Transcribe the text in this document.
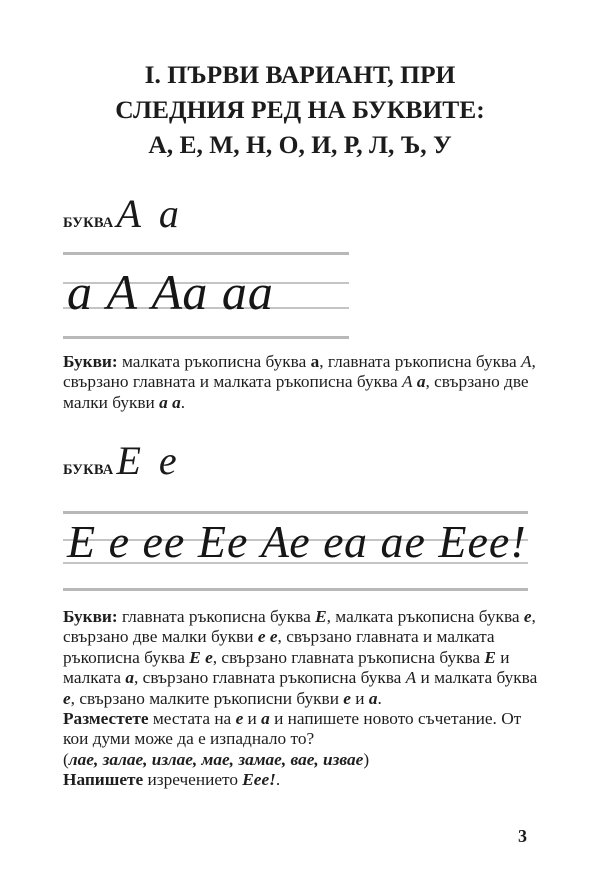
I. ПЪРВИ ВАРИАНТ, ПРИ
СЛЕДНИЯ РЕД НА БУКВИТЕ:
А, Е, М, Н, О, И, Р, Л, Ъ, У
БУКВАА а
а А Аа аа
Букви: малката ръкописна буква а, главната ръкописна буква А, свързано главната и малката ръкописна буква А а, свързано две малки букви а а.
БУКВАЕ е
Е е ее Ее Ае еа ае Еее!
Букви: главната ръкописна буква Е, малката ръкописна буква е, свързано две малки букви е е, свързано главната и малката ръкописна буква Е е, свързано главната ръкописна буква Е и малката а, свързано главната ръкописна буква А и малката буква е, свързано малките ръкописни букви е и а.
Разместете местата на е и а и напишете новото съчетание. От кои думи може да е изпаднало то?
(лае, залае, излае, мае, замае, вае, изваe)
Напишете изречението Еее!.
3
